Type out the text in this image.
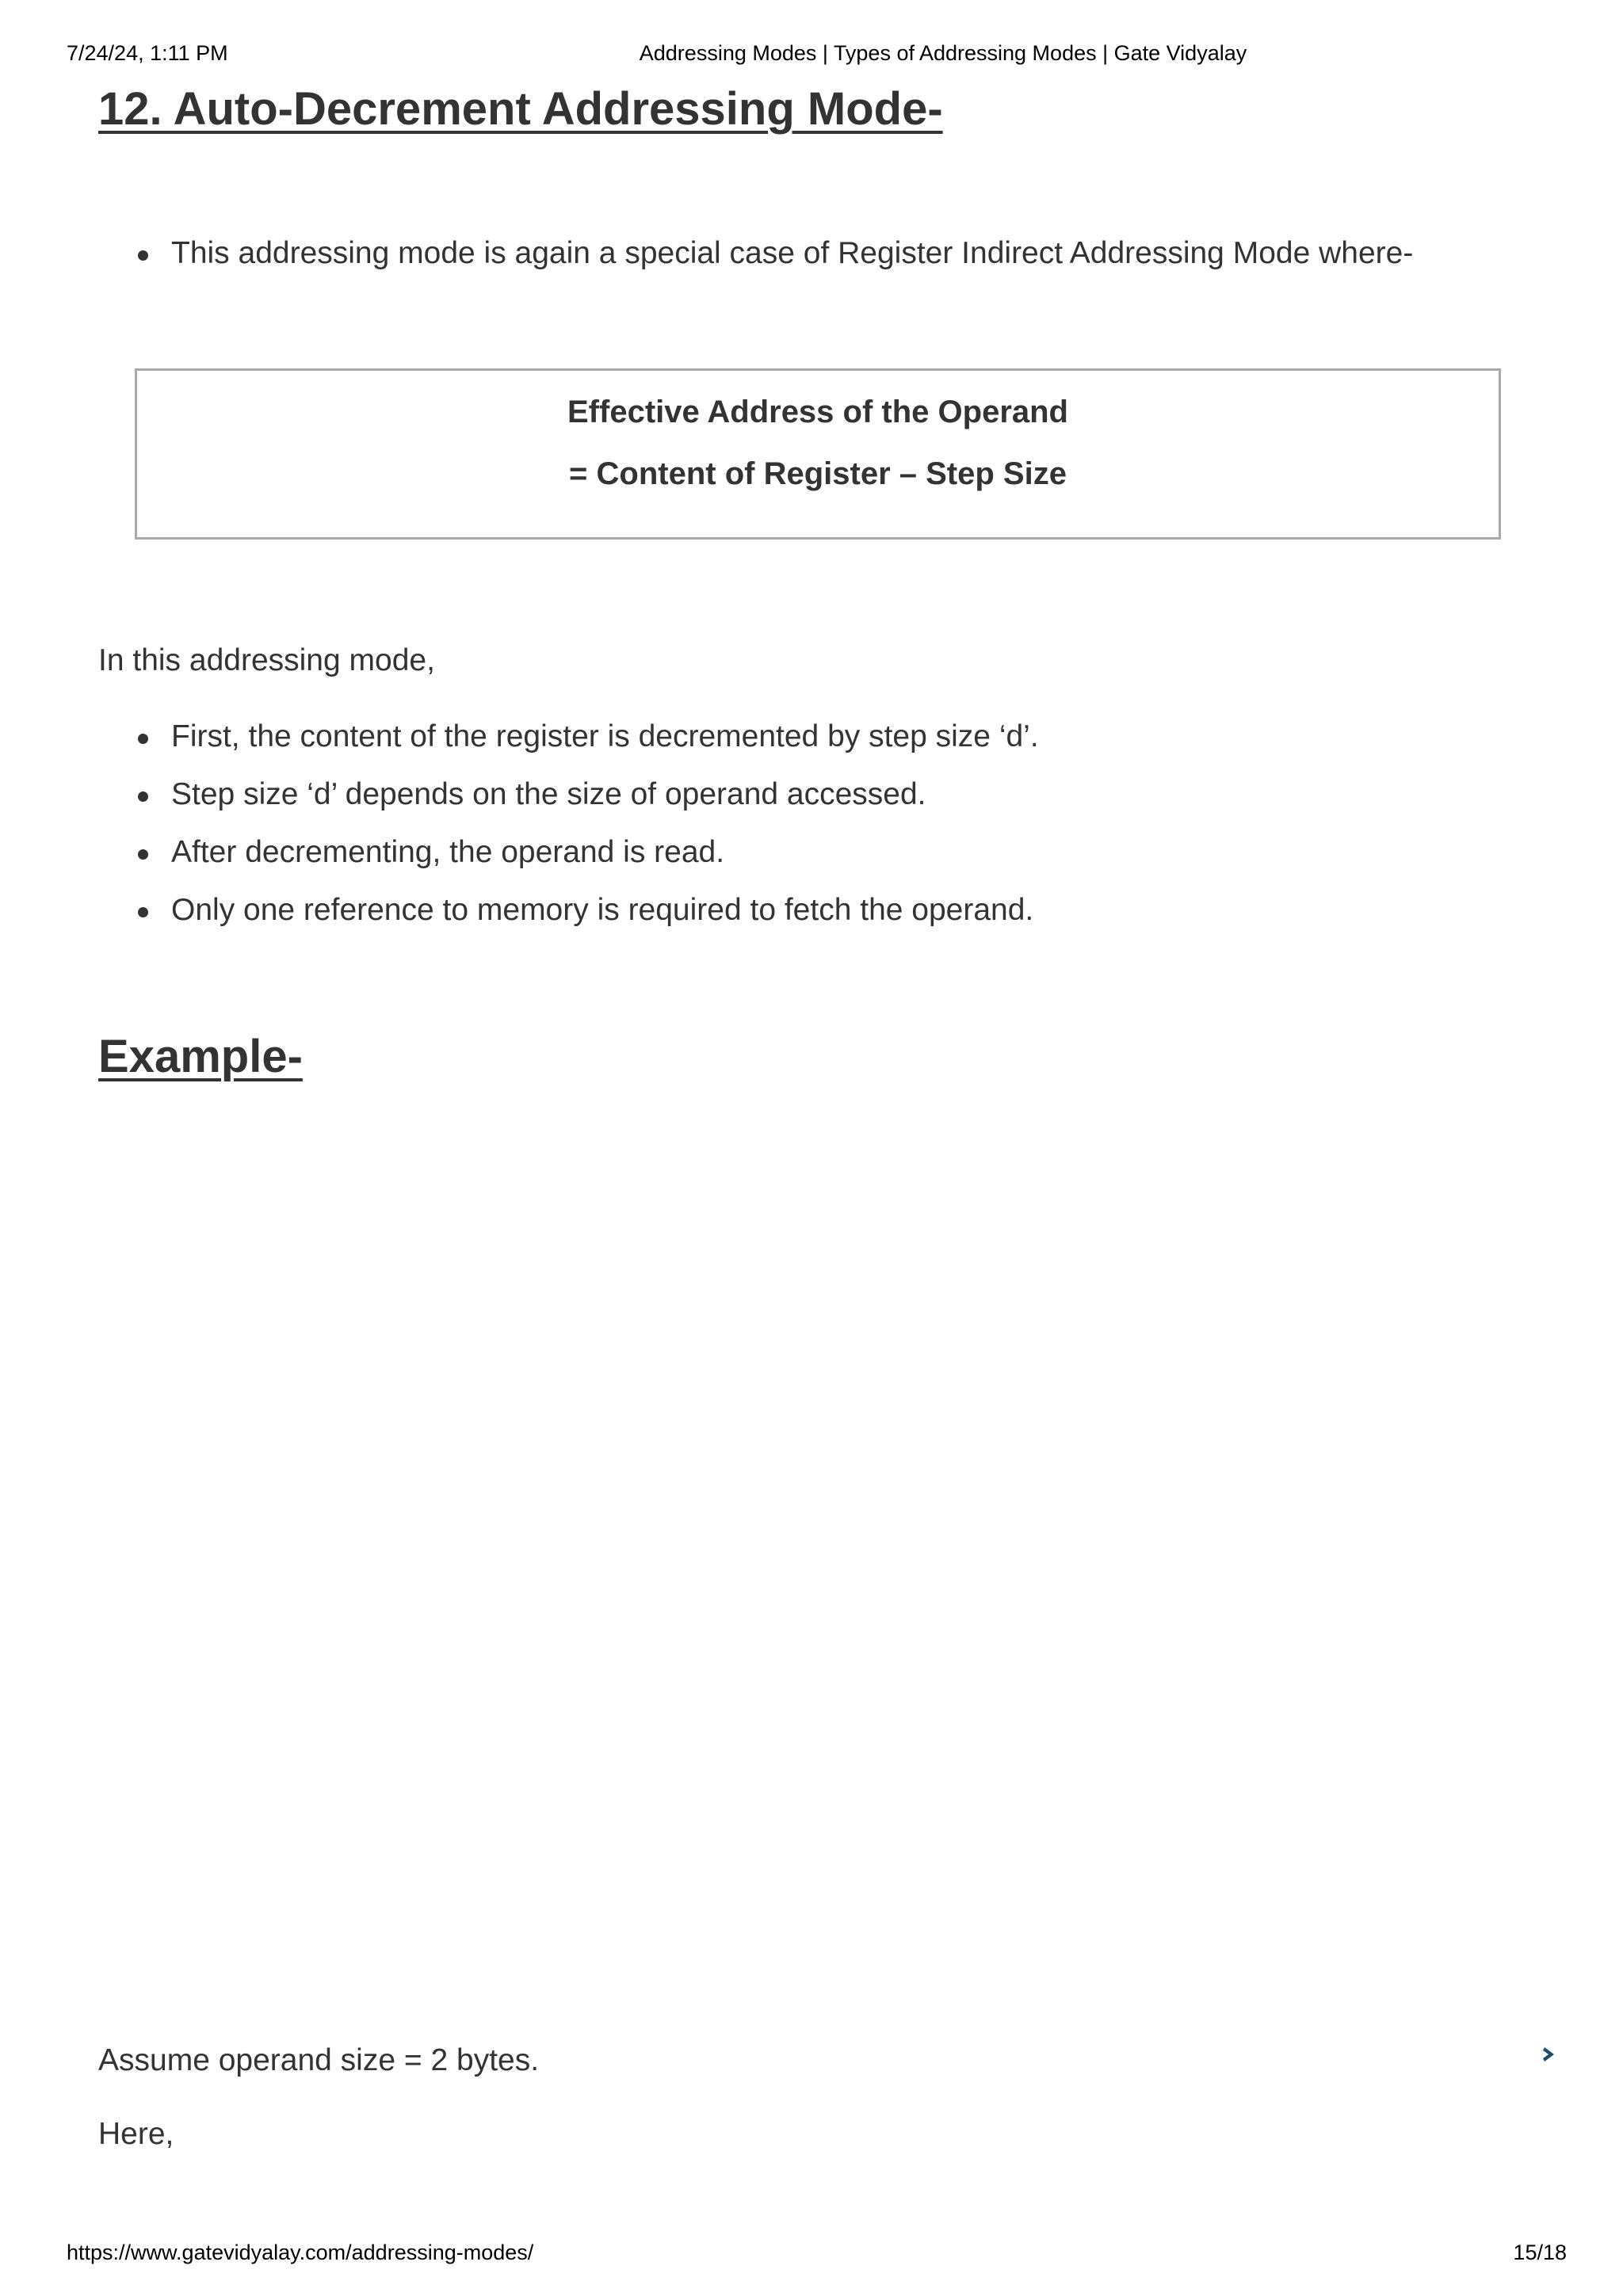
7/24/24, 1:11 PM	Addressing Modes | Types of Addressing Modes | Gate Vidyalay
12. Auto-Decrement Addressing Mode-
This addressing mode is again a special case of Register Indirect Addressing Mode where-
Effective Address of the Operand
= Content of Register – Step Size

In this addressing mode,

First, the content of the register is decremented by step size ‘d’.
Step size ‘d’ depends on the size of operand accessed.
After decrementing, the operand is read.
Only one reference to memory is required to fetch the operand.
Example-

Assume operand size = 2 bytes.

Here,

https://www.gatevidyalay.com/addressing-modes/	15/18
